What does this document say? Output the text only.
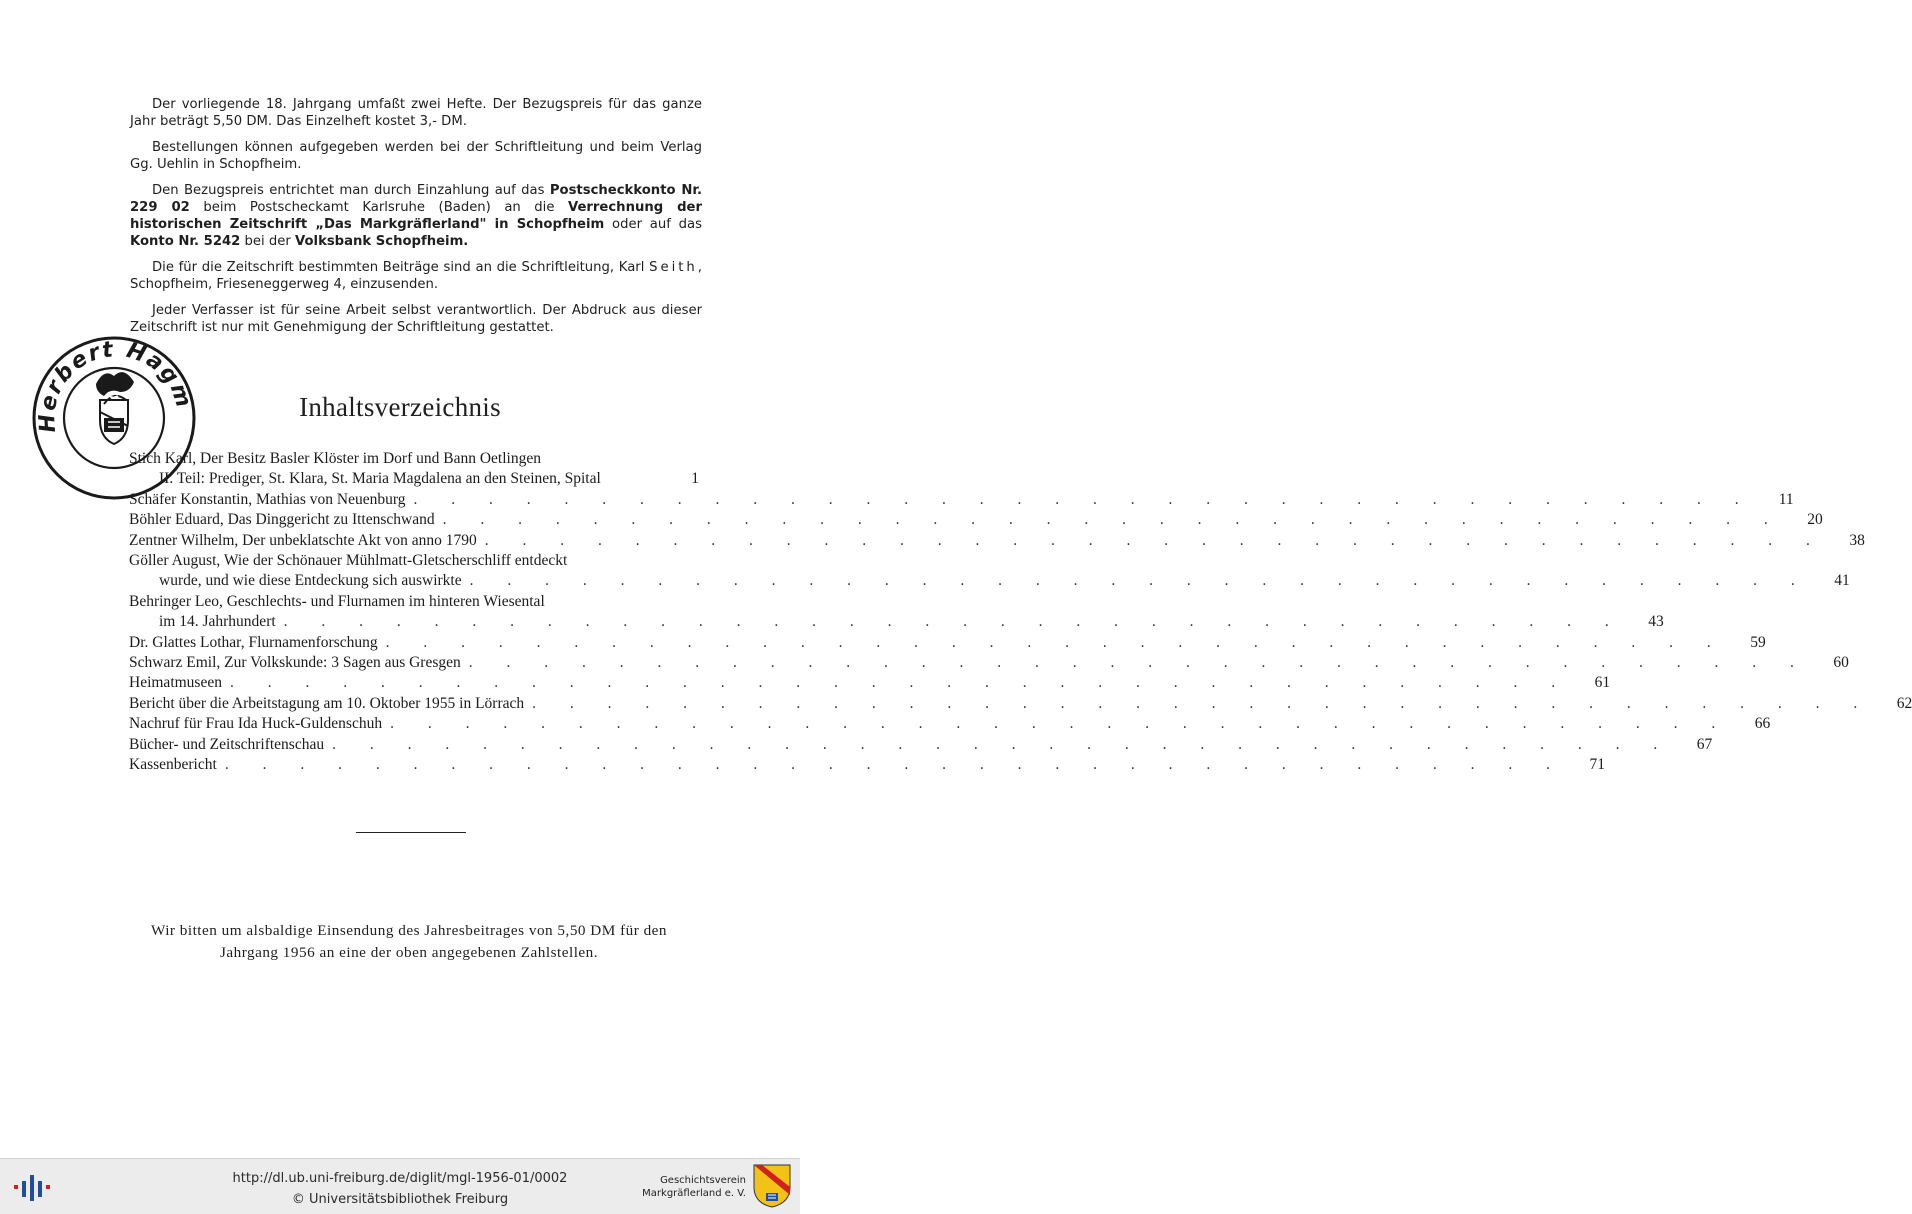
Der vorliegende 18. Jahrgang umfaßt zwei Hefte. Der Bezugspreis für das ganze Jahr beträgt 5,50 DM. Das Einzelheft kostet 3,- DM.

Bestellungen können aufgegeben werden bei der Schriftleitung und beim Verlag Gg. Uehlin in Schopfheim.

Den Bezugspreis entrichtet man durch Einzahlung auf das Postscheckkonto Nr. 229 02 beim Postscheckamt Karlsruhe (Baden) an die Verrechnung der historischen Zeitschrift „Das Markgräflerland" in Schopfheim oder auf das Konto Nr. 5242 bei der Volksbank Schopfheim.

Die für die Zeitschrift bestimmten Beiträge sind an die Schriftleitung, Karl Seith, Schopfheim, Frieseneggerweg 4, einzusenden.

Jeder Verfasser ist für seine Arbeit selbst verantwortlich. Der Abdruck aus dieser Zeitschrift ist nur mit Genehmigung der Schriftleitung gestattet.

Herbert Hagm	Inhaltsverzeichnis
Stich Karl, Der Besitz Basler Klöster im Dorf und Bann Oetlingen
II. Teil: Prediger, St. Klara, St. Maria Magdalena an den Steinen, Spital	1
Schäfer Konstantin, Mathias von Neuenburg . . . . . . . . . . . . . . . . . . . . . . . . . . . . . . . . . . . .	11
Böhler Eduard, Das Dinggericht zu Ittenschwand . . . . . . . . . . . . . . . . . . . . . . . . . . . . . . . . . . . .	20
Zentner Wilhelm, Der unbeklatschte Akt von anno 1790 . . . . . . . . . . . . . . . . . . . . . . . . . . . . . . . . . . . .	38
Göller August, Wie der Schönauer Mühlmatt-Gletscherschliff entdeckt
wurde, und wie diese Entdeckung sich auswirkte . . . . . . . . . . . . . . . . . . . . . . . . . . . . . . . . . . . .	41
Behringer Leo, Geschlechts- und Flurnamen im hinteren Wiesental
im 14. Jahrhundert . . . . . . . . . . . . . . . . . . . . . . . . . . . . . . . . . . . .	43
Dr. Glattes Lothar, Flurnamenforschung . . . . . . . . . . . . . . . . . . . . . . . . . . . . . . . . . . . .	59
Schwarz Emil, Zur Volkskunde: 3 Sagen aus Gresgen . . . . . . . . . . . . . . . . . . . . . . . . . . . . . . . . . . . .	60
Heimatmuseen . . . . . . . . . . . . . . . . . . . . . . . . . . . . . . . . . . . .	61
Bericht über die Arbeitstagung am 10. Oktober 1955 in Lörrach . . . . . . . . . . . . . . . . . . . . . . . . . . . . . . . . . . . .	62
Nachruf für Frau Ida Huck-Guldenschuh . . . . . . . . . . . . . . . . . . . . . . . . . . . . . . . . . . . .	66
Bücher- und Zeitschriftenschau . . . . . . . . . . . . . . . . . . . . . . . . . . . . . . . . . . . .	67
Kassenbericht . . . . . . . . . . . . . . . . . . . . . . . . . . . . . . . . . . . .	71
Wir bitten um alsbaldige Einsendung des Jahresbeitrages von 5,50 DM für den Jahrgang 1956 an eine der oben angegebenen Zahlstellen.
http://dl.ub.uni-freiburg.de/diglit/mgl-1956-01/0002
© Universitätsbibliothek Freiburg
Geschichtsverein
Markgräflerland e. V.
